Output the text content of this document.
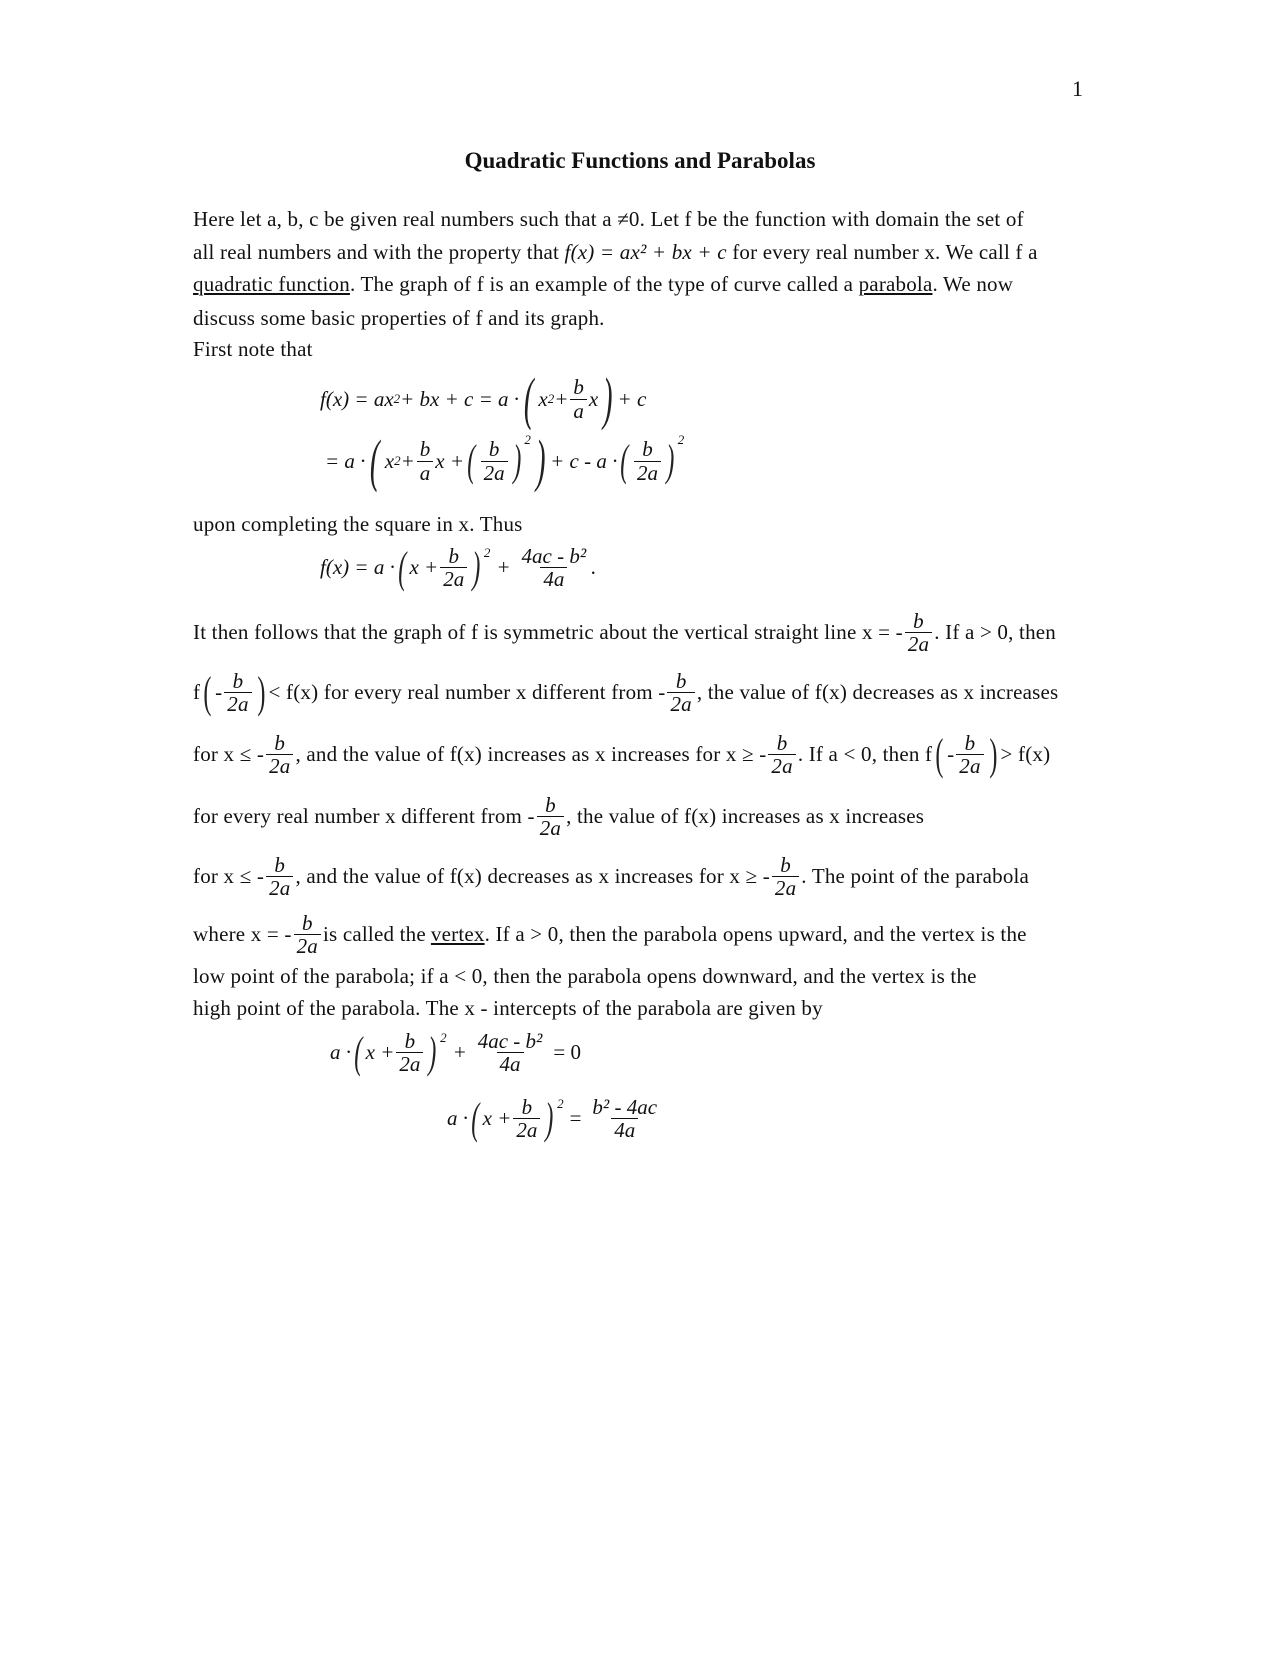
1
Quadratic Functions and Parabolas
Here let a, b, c be given real numbers such that a ≠0. Let f be the function with domain the set of
all real numbers and with the property that f(x) = ax² + bx + c for every real number x. We call f a
quadratic function. The graph of f is an example of the type of curve called a parabola. We now
discuss some basic properties of f and its graph.
First note that
f(x) = ax 2 + bx + c = a · ( x $2 + \frac{b}{a}$ x ) + c
= a · ( x $2 + \frac{b}{a}$ x + ( $\frac{b}{2a}$ ) $^2$ ) + c - a · ( $\frac{b}{2a}$ ) $^2$
upon completing the square in x. Thus
f(x) = a · ( $x + \frac{b}{2a}$ ) $^2$
+ $\frac{\text{4ac - b²}}{4a}$ .
It then follows that the graph of f is symmetric about the vertical straight line x = - $\frac{b}{2a}$ . If a > 0, then
f ( - $\frac{b}{2a}$ ) < f(x) for every real number x different from - $\frac{b}{2a}$ , the value of f(x) decreases as x increases
for x ≤ - $\frac{b}{2a}$ , and the value of f(x) increases as x increases for x ≥ - $\frac{b}{2a}$ . If a < 0, then f ( - $\frac{b}{2a}$ ) > f(x)
for every real number x different from - $\frac{b}{2a}$ , the value of f(x) increases as x increases
for x ≤ - $\frac{b}{2a}$ , and the value of f(x) decreases as x increases for x ≥ - $\frac{b}{2a}$ . The point of the parabola
where x = - $\frac{b}{2a}$ is called the vertex . If a > 0, then the parabola opens upward, and the vertex is the
low point of the parabola; if a < 0, then the parabola opens downward, and the vertex is the
high point of the parabola. The x - intercepts of the parabola are given by
a · ( $x + \frac{b}{2a}$ ) $^2$
+ $\frac{\text{4ac - b²}}{4a} = 0$
a · ( $x + \frac{b}{2a}$ ) $^2$
= $\frac{\text{b² - 4ac}}{4a}$
